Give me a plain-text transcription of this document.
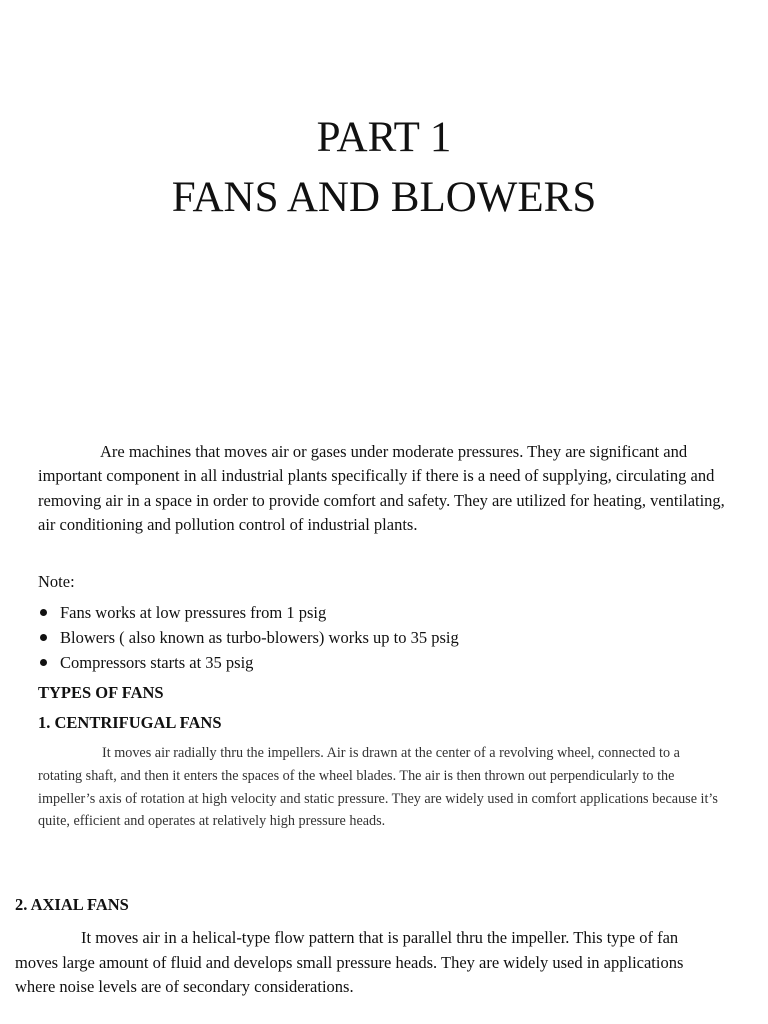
PART 1
FANS AND BLOWERS

Are machines that moves air or gases under moderate pressures. They are significant and important component in all industrial plants specifically if there is a need of supplying, circulating and removing air in a space in order to provide comfort and safety. They are utilized for heating, ventilating, air conditioning and pollution control of industrial plants.

Note:
Fans works at low pressures from 1 psig
Blowers ( also known as turbo-blowers) works up to 35 psig
Compressors starts at 35 psig
TYPES OF FANS
1. CENTRIFUGAL FANS

It moves air radially thru the impellers. Air is drawn at the center of a revolving wheel, connected to a rotating shaft, and then it enters the spaces of the wheel blades. The air is then thrown out perpendicularly to the impeller’s axis of rotation at high velocity and static pressure. They are widely used in comfort applications because it’s quite, efficient and operates at relatively high pressure heads.

2. AXIAL FANS

It moves air in a helical-type flow pattern that is parallel thru the impeller. This type of fan moves large amount of fluid and develops small pressure heads. They are widely used in applications where noise levels are of secondary considerations.
